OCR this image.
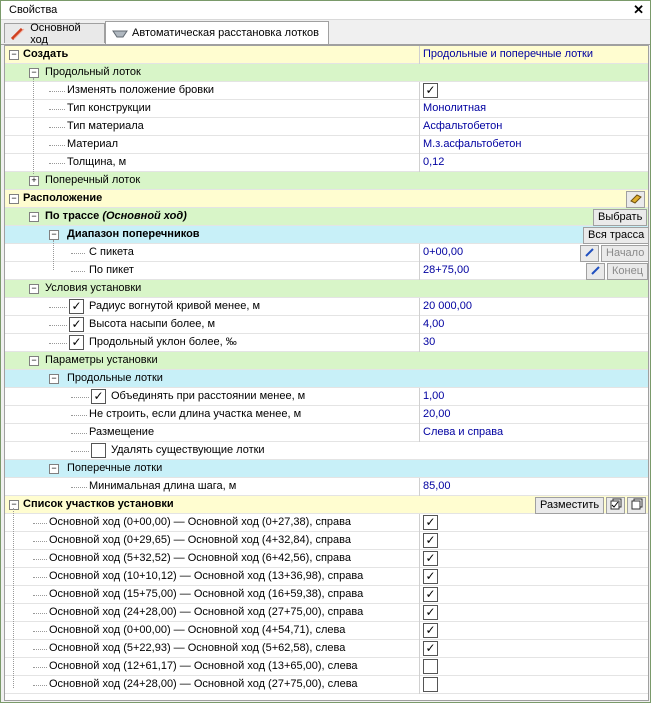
Свойства	✕
Основной ход
Автоматическая расстановка лотков
− Создать	Продольные и поперечные лотки
− Продольный лоток
Изменять положение бровки	✓
Тип конструкции	Монолитная
Тип материала	Асфальтобетон
Материал	М.з.асфальтобетон
Толщина, м	0,12
+ Поперечный лоток
− Расположение
− По трассе (Основной ход)	Выбрать
− Диапазон поперечников	Вся трасса
С пикета	0+00,00	Начало
По пикет	28+75,00	Конец
− Условия установки
✓ Радиус вогнутой кривой менее, м	20 000,00
✓ Высота насыпи более, м	4,00
✓ Продольный уклон более, ‰	30
− Параметры установки
− Продольные лотки
✓ Объединять при расстоянии менее, м	1,00
Не строить, если длина участка менее, м	20,00
Размещение	Слева и справа
Удалять существующие лотки
− Поперечные лотки
Минимальная длина шага, м	85,00
− Список участков установки	Разместить
Основной ход (0+00,00) — Основной ход (0+27,38), справа	✓
Основной ход (0+29,65) — Основной ход (4+32,84), справа	✓
Основной ход (5+32,52) — Основной ход (6+42,56), справа	✓
Основной ход (10+10,12) — Основной ход (13+36,98), справа	✓
Основной ход (15+75,00) — Основной ход (16+59,38), справа	✓
Основной ход (24+28,00) — Основной ход (27+75,00), справа	✓
Основной ход (0+00,00) — Основной ход (4+54,71), слева	✓
Основной ход (5+22,93) — Основной ход (5+62,58), слева	✓
Основной ход (12+61,17) — Основной ход (13+65,00), слева
Основной ход (24+28,00) — Основной ход (27+75,00), слева
